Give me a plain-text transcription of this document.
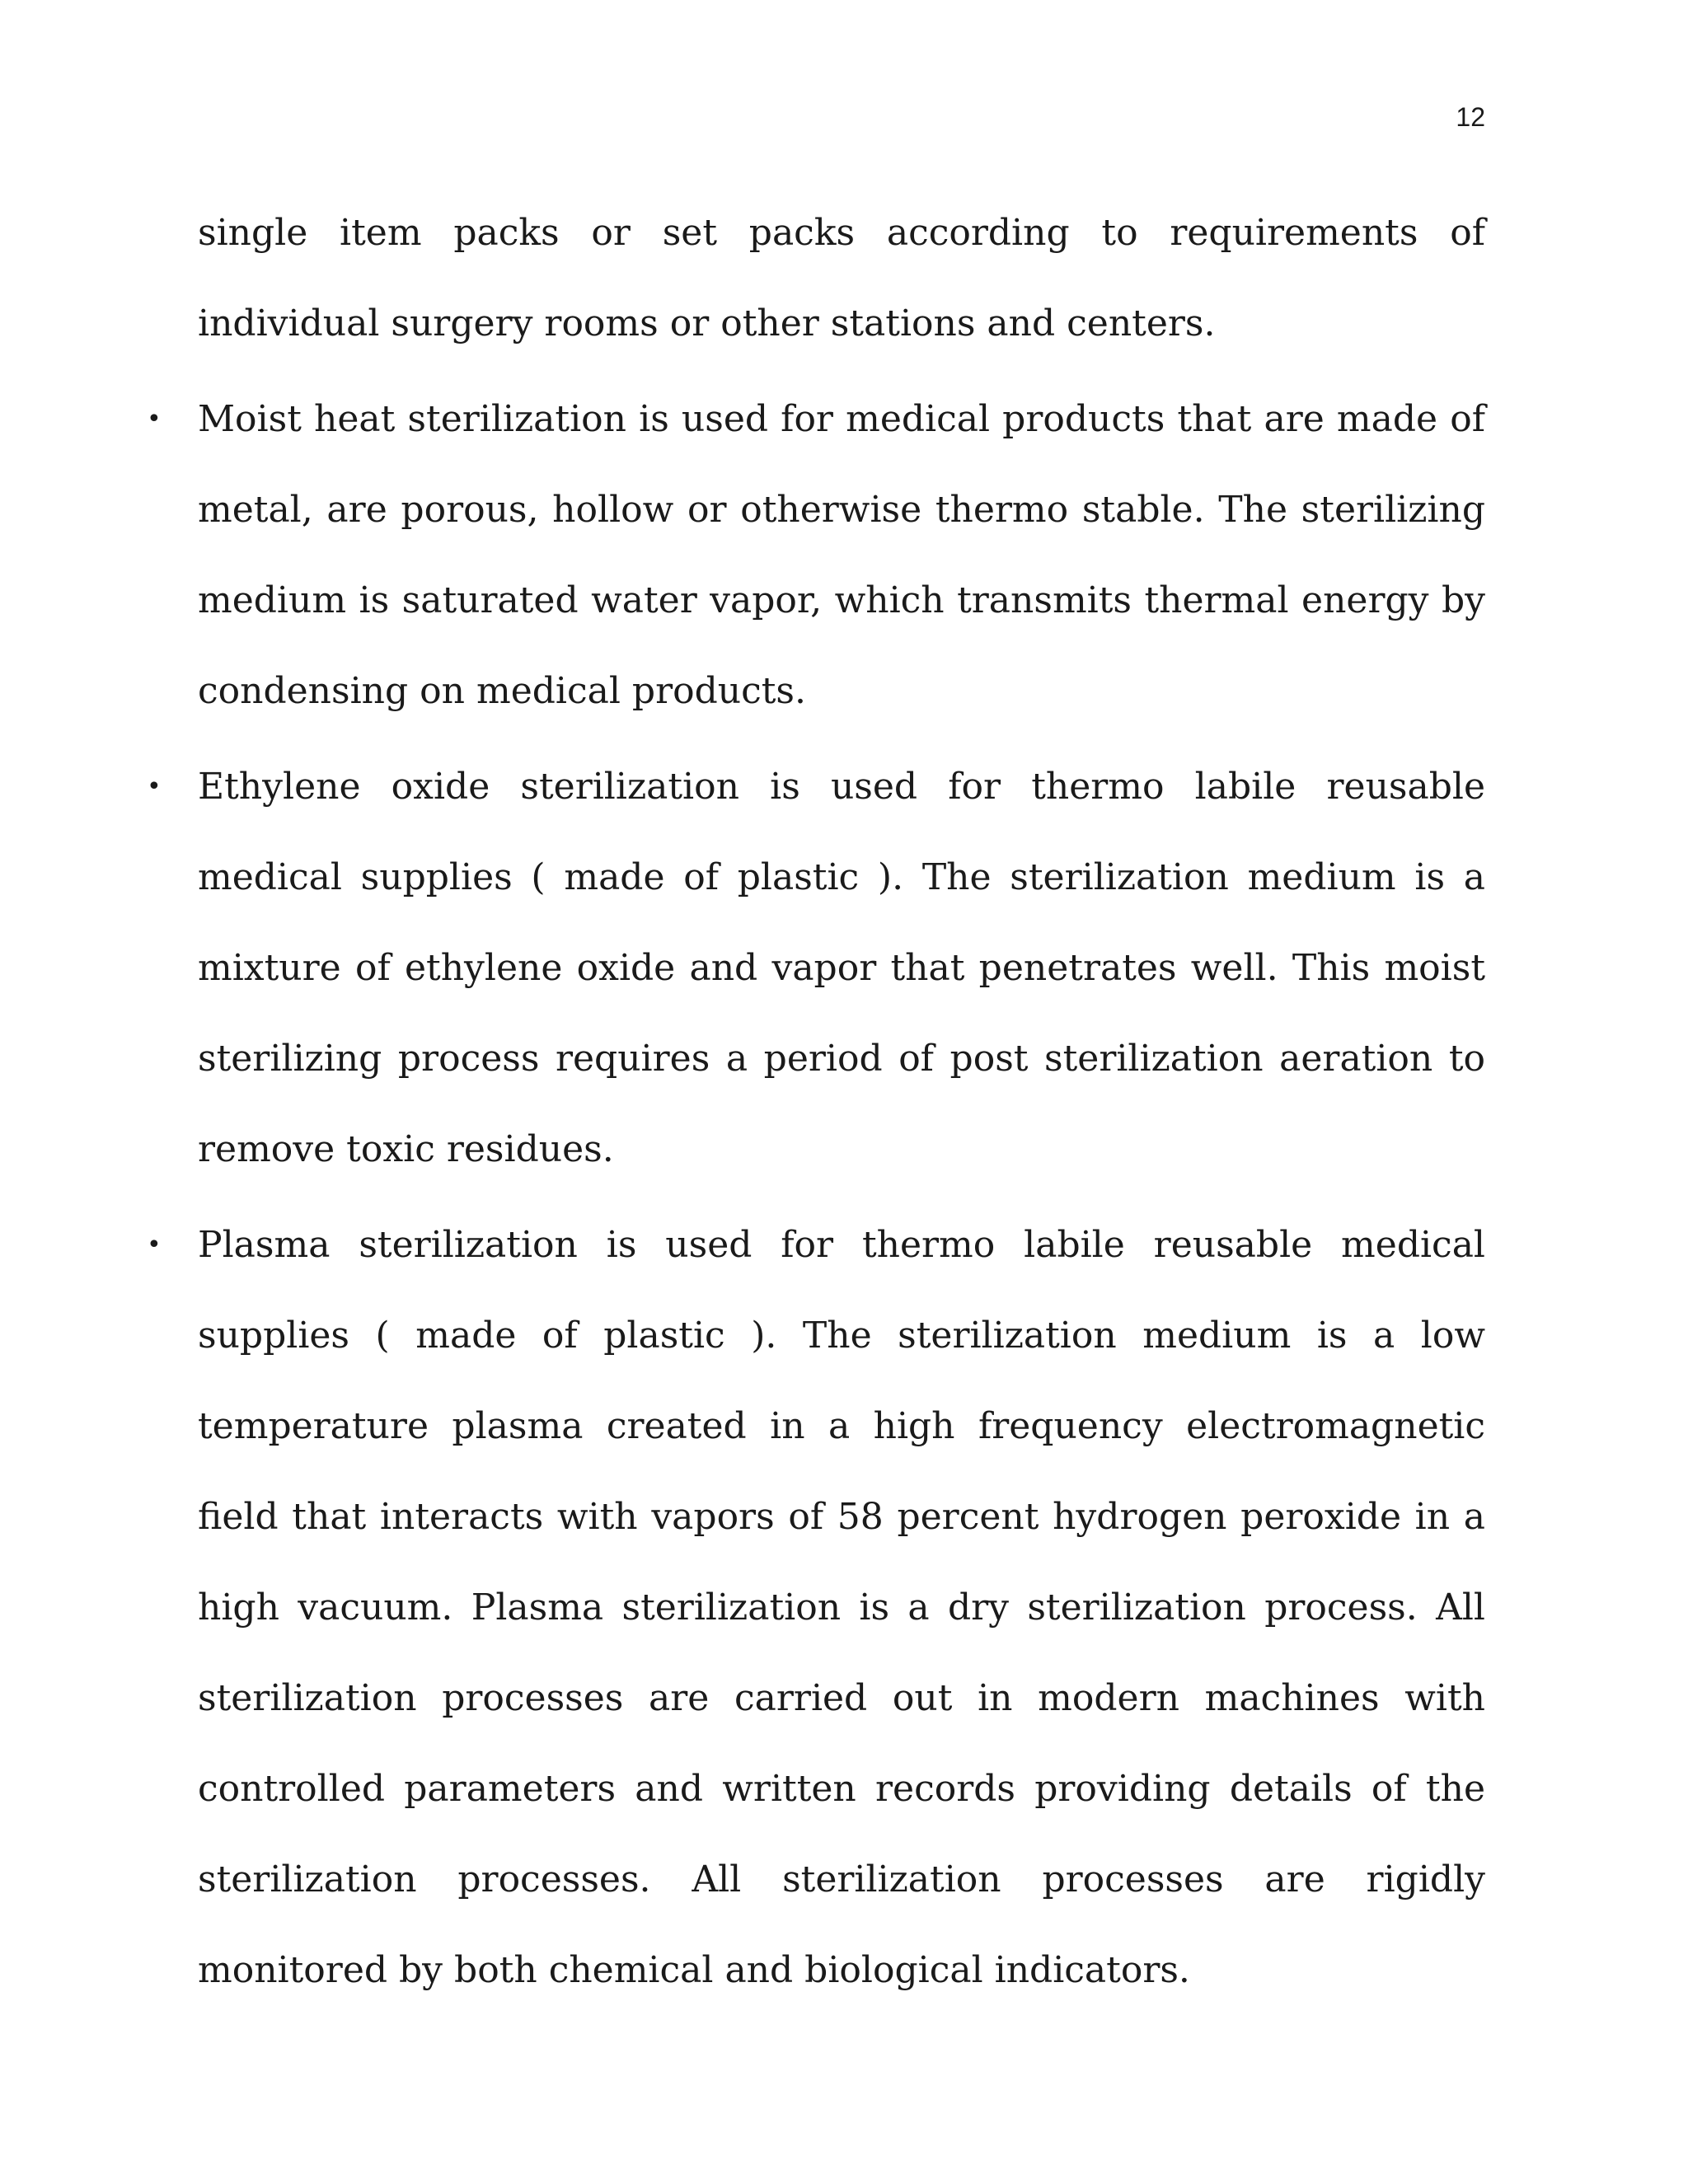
12

single item packs or set packs according to requirements of individual surgery rooms or other stations and centers.

• Moist heat sterilization is used for medical products that are made of metal, are porous, hollow or otherwise thermo stable. The sterilizing medium is saturated water vapor, which transmits thermal energy by condensing on medical products.
• Ethylene oxide sterilization is used for thermo labile reusable medical supplies ( made of plastic ). The sterilization medium is a mixture of ethylene oxide and vapor that penetrates well. This moist sterilizing process requires a period of post sterilization aeration to remove toxic residues.
• Plasma sterilization is used for thermo labile reusable medical supplies ( made of plastic ). The sterilization medium is a low temperature plasma created in a high frequency electromagnetic field that interacts with vapors of 58 percent hydrogen peroxide in a high vacuum. Plasma sterilization is a dry sterilization process. All sterilization processes are carried out in modern machines with controlled parameters and written records providing details of the sterilization processes. All sterilization processes are rigidly monitored by both chemical and biological indicators.
